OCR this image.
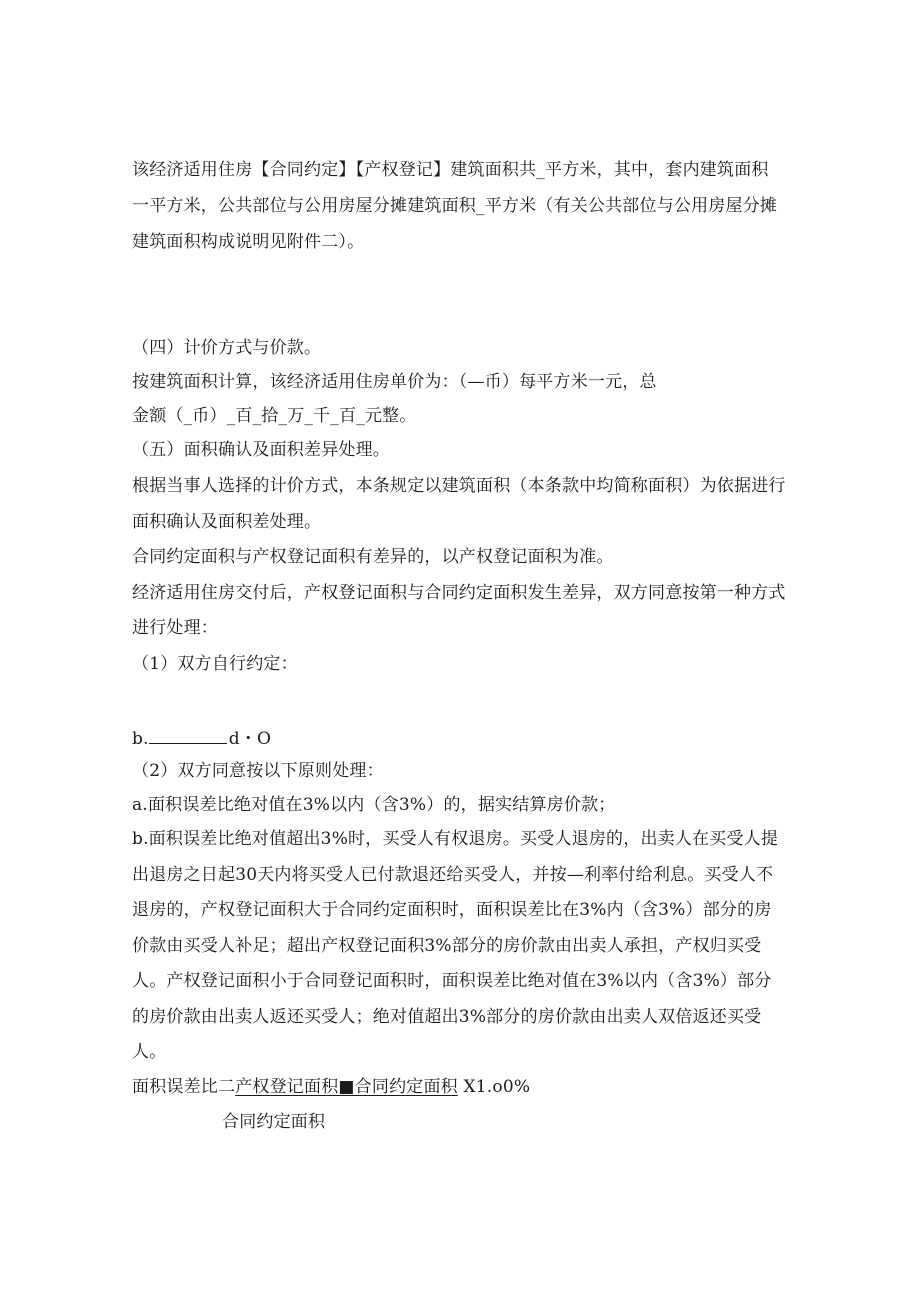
该经济适用住房【合同约定】【产权登记】建筑面积共_平方米，其中，套内建筑面积
一平方米，公共部位与公用房屋分摊建筑面积_平方米（有关公共部位与公用房屋分摊
建筑面积构成说明见附件二）。
（四）计价方式与价款。
按建筑面积计算，该经济适用住房单价为：（—币）每平方米一元，总
金额（_币）_百_拾_万_千_百_元整。
（五）面积确认及面积差异处理。
根据当事人选择的计价方式，本条规定以建筑面积（本条款中均简称面积）为依据进行
面积确认及面积差处理。
合同约定面积与产权登记面积有差异的，以产权登记面积为准。
经济适用住房交付后，产权登记面积与合同约定面积发生差异，双方同意按第一种方式
进行处理：
（1）双方自行约定：
b.	d・O
（2）双方同意按以下原则处理：
a.面积误差比绝对值在3%以内（含3%）的，据实结算房价款；
b.面积误差比绝对值超出3%时，买受人有权退房。买受人退房的，出卖人在买受人提
出退房之日起30天内将买受人已付款退还给买受人，并按—利率付给利息。买受人不
退房的，产权登记面积大于合同约定面积时，面积误差比在3%内（含3%）部分的房
价款由买受人补足；超出产权登记面积3%部分的房价款由出卖人承担，产权归买受
人。产权登记面积小于合同登记面积时，面积误差比绝对值在3%以内（含3%）部分
的房价款由出卖人返还买受人；绝对值超出3%部分的房价款由出卖人双倍返还买受
人。
面积误差比二产权登记面积■合同约定面积 X1.o0%
合同约定面积
